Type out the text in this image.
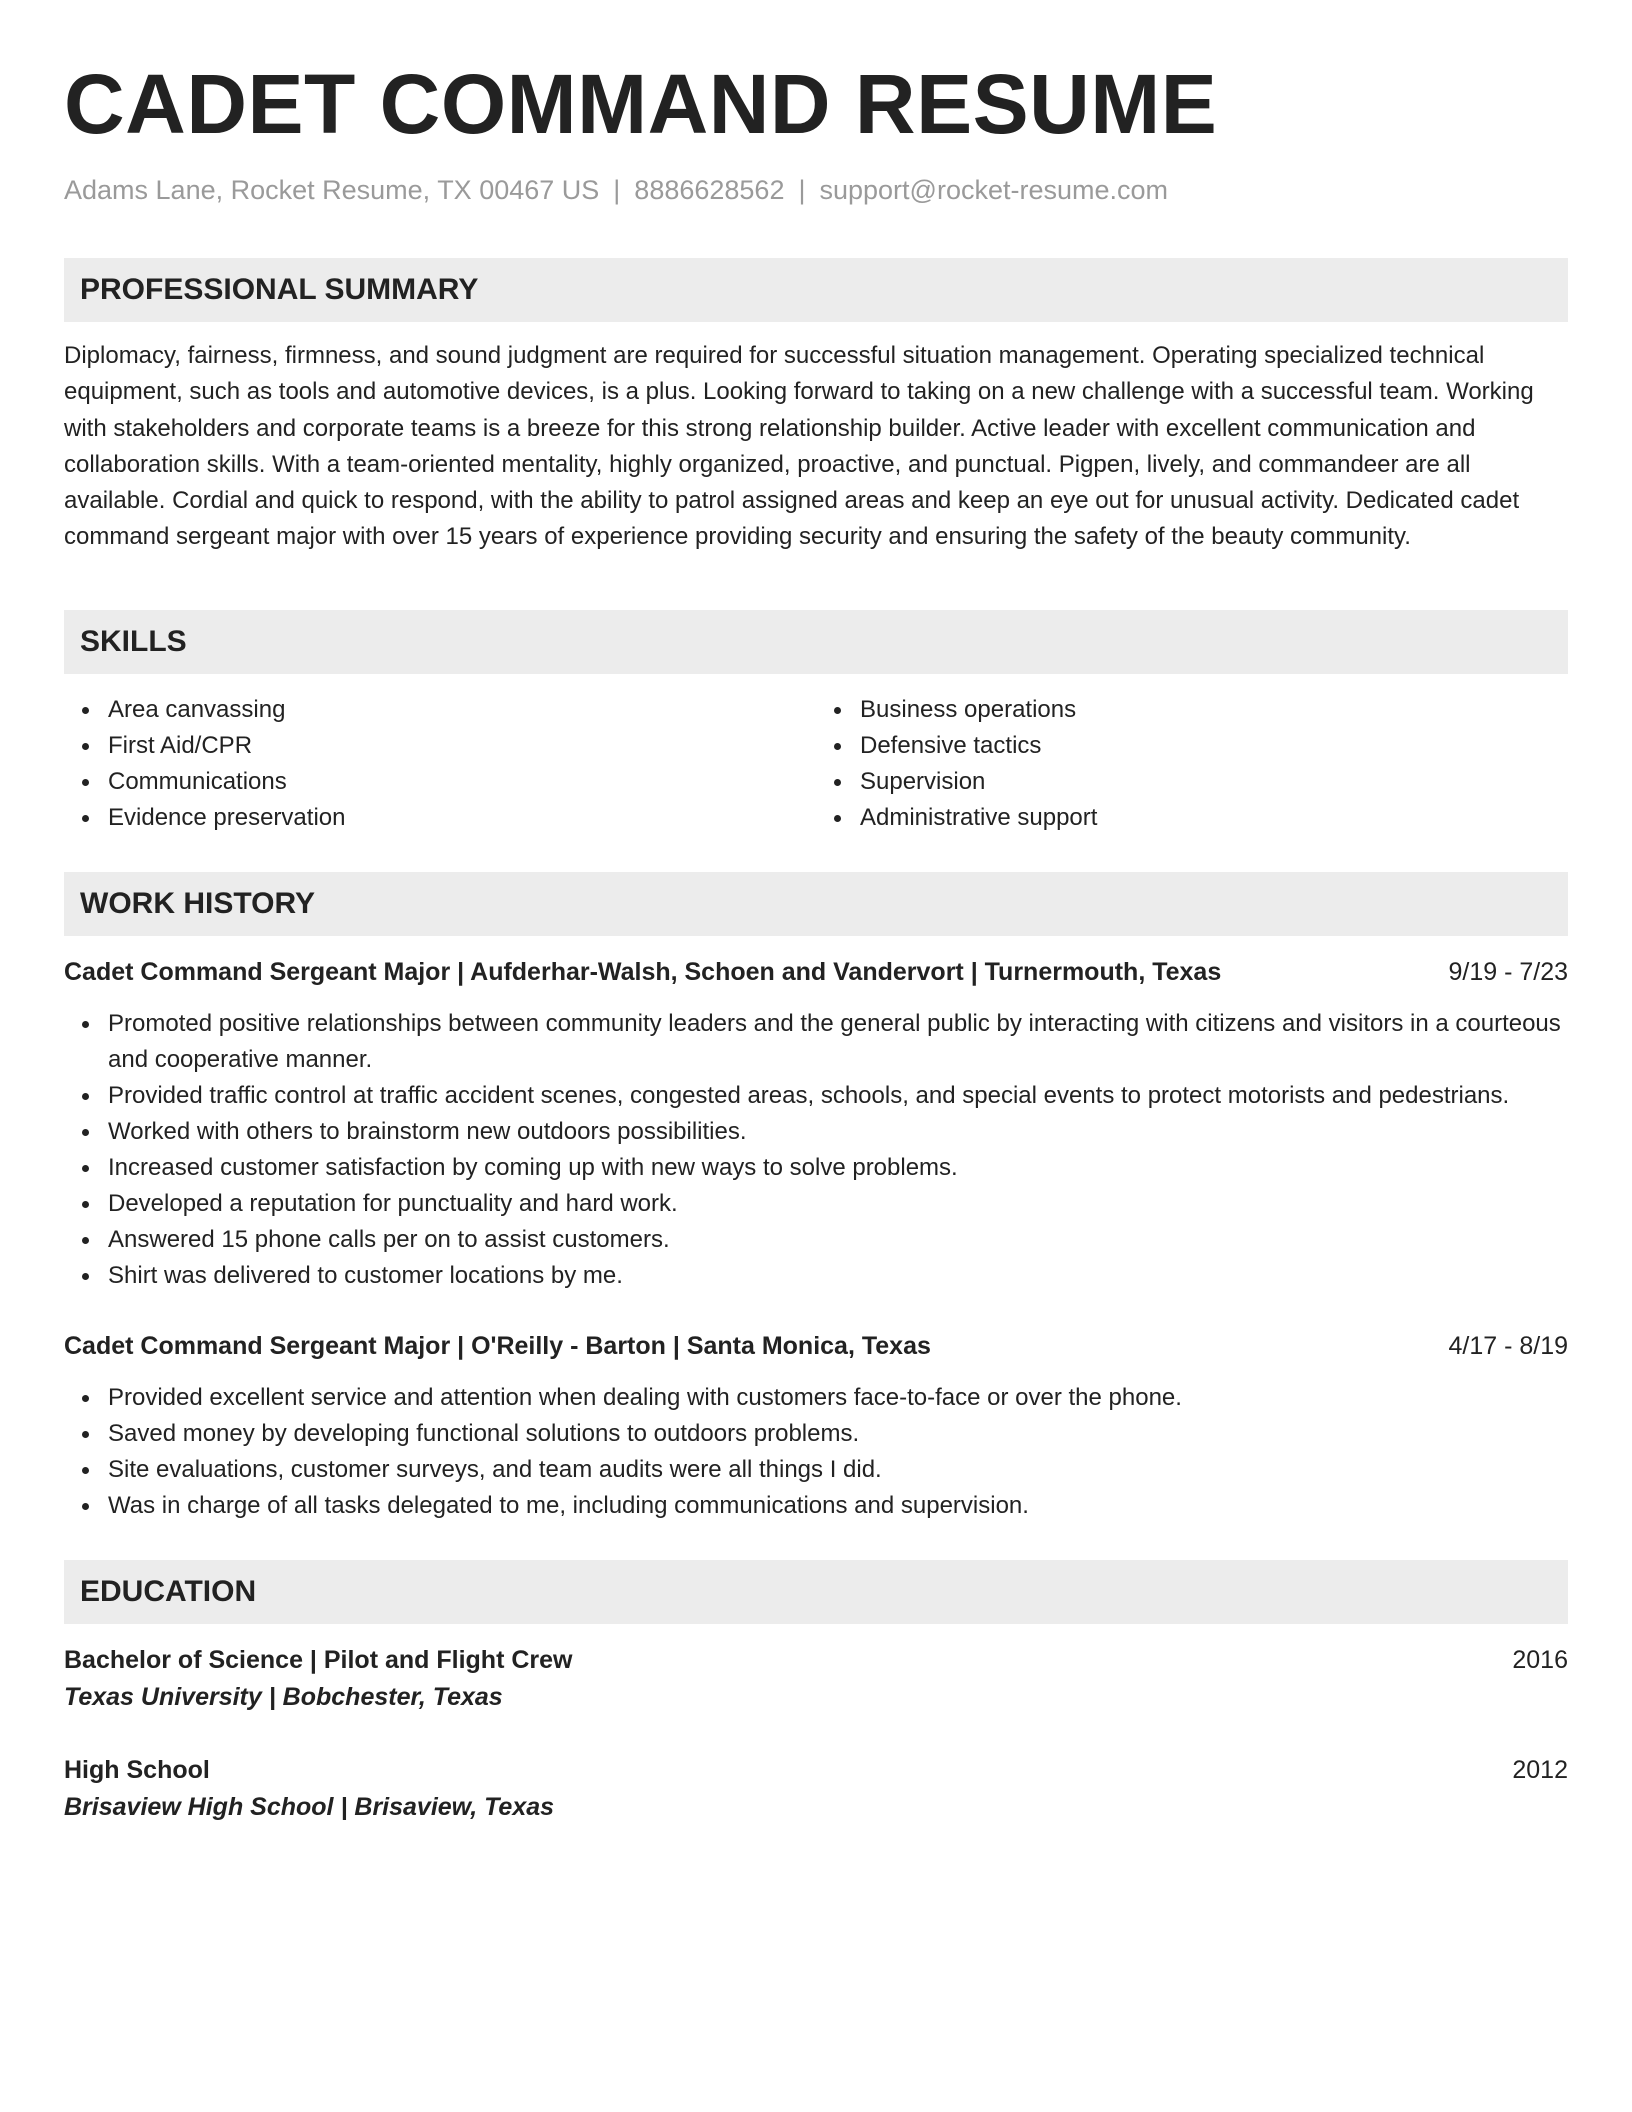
CADET COMMAND RESUME
Adams Lane, Rocket Resume, TX 00467 US | 8886628562 | support@rocket-resume.com
PROFESSIONAL SUMMARY
Diplomacy, fairness, firmness, and sound judgment are required for successful situation management. Operating specialized technical equipment, such as tools and automotive devices, is a plus. Looking forward to taking on a new challenge with a successful team. Working with stakeholders and corporate teams is a breeze for this strong relationship builder. Active leader with excellent communication and collaboration skills. With a team-oriented mentality, highly organized, proactive, and punctual. Pigpen, lively, and commandeer are all available. Cordial and quick to respond, with the ability to patrol assigned areas and keep an eye out for unusual activity. Dedicated cadet command sergeant major with over 15 years of experience providing security and ensuring the safety of the beauty community.
SKILLS
Area canvassing
First Aid/CPR
Communications
Evidence preservation
Business operations
Defensive tactics
Supervision
Administrative support
WORK HISTORY
Cadet Command Sergeant Major | Aufderhar-Walsh, Schoen and Vandervort | Turnermouth, Texas	9/19 - 7/23
Promoted positive relationships between community leaders and the general public by interacting with citizens and visitors in a courteous and cooperative manner.
Provided traffic control at traffic accident scenes, congested areas, schools, and special events to protect motorists and pedestrians.
Worked with others to brainstorm new outdoors possibilities.
Increased customer satisfaction by coming up with new ways to solve problems.
Developed a reputation for punctuality and hard work.
Answered 15 phone calls per on to assist customers.
Shirt was delivered to customer locations by me.
Cadet Command Sergeant Major | O'Reilly - Barton | Santa Monica, Texas	4/17 - 8/19
Provided excellent service and attention when dealing with customers face-to-face or over the phone.
Saved money by developing functional solutions to outdoors problems.
Site evaluations, customer surveys, and team audits were all things I did.
Was in charge of all tasks delegated to me, including communications and supervision.
EDUCATION
Bachelor of Science | Pilot and Flight Crew	2016
Texas University | Bobchester, Texas
High School	2012
Brisaview High School | Brisaview, Texas
